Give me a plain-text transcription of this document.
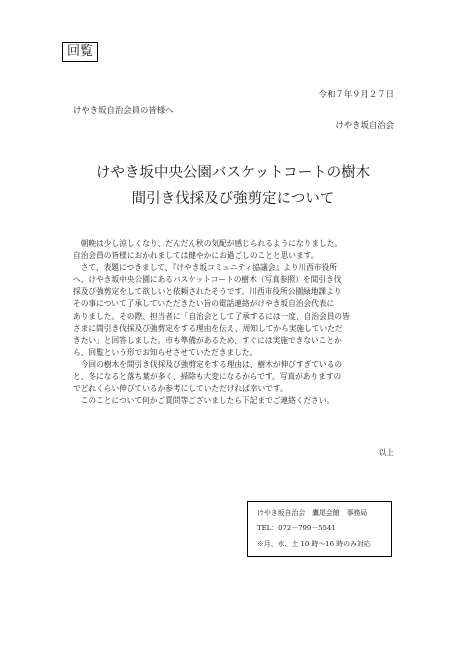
回覧
令和７年９月２７日
けやき坂自治会員の皆様へ
けやき坂自治会
けやき坂中央公園バスケットコートの樹木
間引き伐採及び強剪定について
　朝晩は少し涼しくなり、だんだん秋の気配が感じられるようになりました。
自治会員の皆様におかれましては健やかにお過ごしのことと思います。
　さて、表題につきまして、『けやき坂コミュニティ協議会』より川西市役所
へ、けやき坂中央公園にあるバスケットコートの樹木（写真参照）を間引き伐
採及び強剪定をして欲しいと依頼されたそうです。川西市役所公園緑地課より
その事について了承していただきたい旨の電話連絡がけやき坂自治会代表に
ありました。その際、担当者に「自治会として了承するには一度、自治会員の皆
さまに間引き伐採及び強剪定をする理由を伝え、周知してから実施していただ
きたい」と回答しました。市も準備があるため、すぐには実施できないことか
ら、回覧という形でお知らせさせていただきました。
　今回の樹木を間引き伐採及び強剪定をする理由は、樹木が伸びすぎているの
と、冬になると落ち葉が多く、掃除も大変になるからです。写真がありますの
でどれくらい伸びているか参考にしていただければ幸いです。
　このことについて何かご質問等ございましたら下記までご連絡ください。
以上
けやき坂自治会　鷹尾会館　事務局
TEL：072－799－5541
※月、水、土 10 時〜16 時のみ対応
